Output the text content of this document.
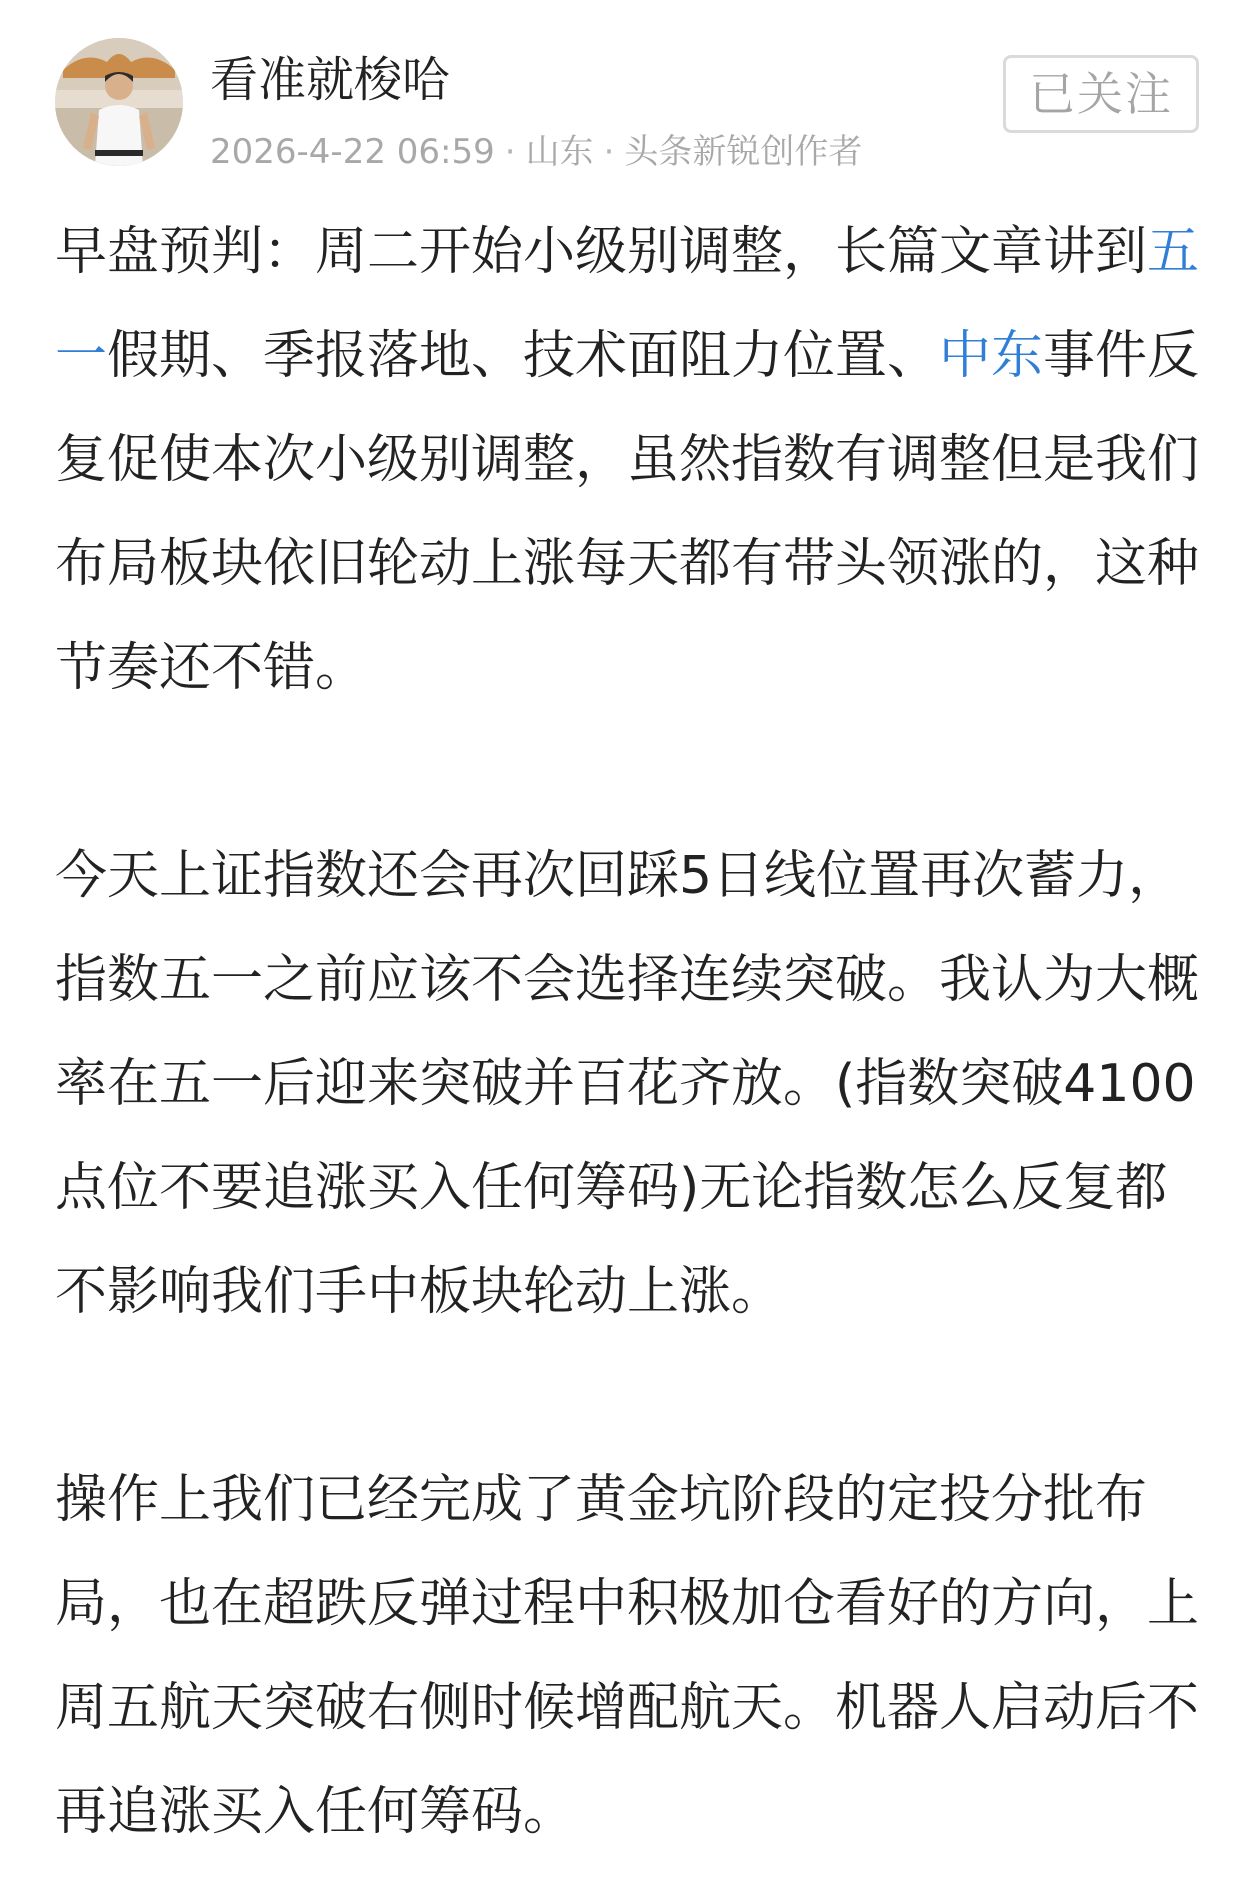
看准就梭哈
2026-4-22 06:59 · 山东 · 头条新锐创作者
已关注

早盘预判：周二开始小级别调整，长篇文章讲到五一假期、季报落地、技术面阻力位置、中东事件反复促使本次小级别调整，虽然指数有调整但是我们布局板块依旧轮动上涨每天都有带头领涨的，这种节奏还不错。

今天上证指数还会再次回踩5日线位置再次蓄力，指数五一之前应该不会选择连续突破。我认为大概率在五一后迎来突破并百花齐放。(指数突破4100点位不要追涨买入任何筹码)无论指数怎么反复都不影响我们手中板块轮动上涨。

操作上我们已经完成了黄金坑阶段的定投分批布局，也在超跌反弹过程中积极加仓看好的方向，上周五航天突破右侧时候增配航天。机器人启动后不再追涨买入任何筹码。
